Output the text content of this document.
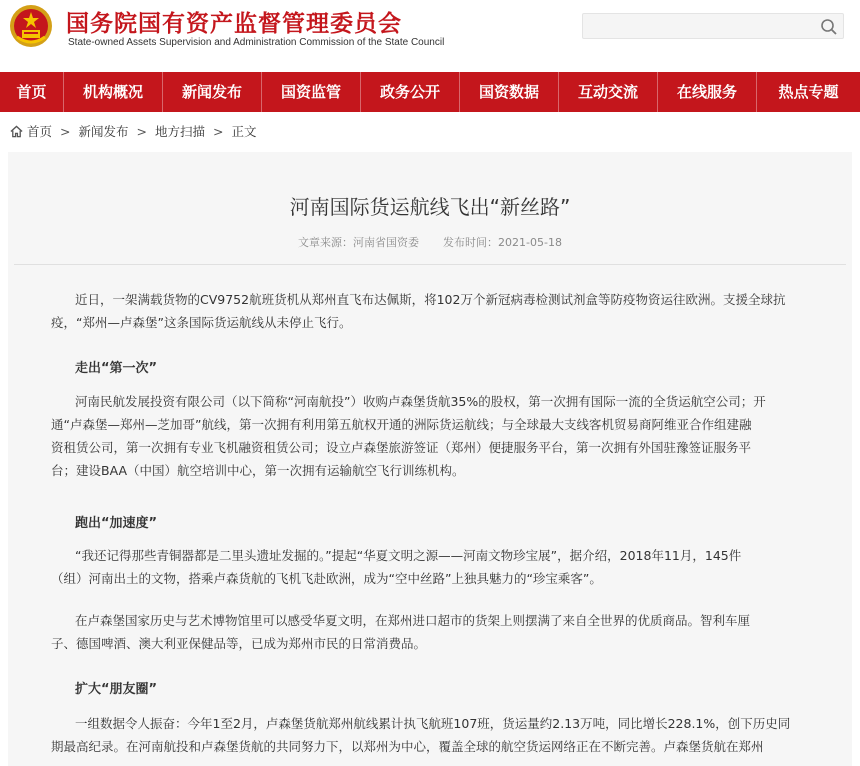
国务院国有资产监督管理委员会
State-owned Assets Supervision and Administration Commission of the State Council
首页	机构概况	新闻发布	国资监管	政务公开	国资数据	互动交流	在线服务	热点专题
首页 > 新闻发布 > 地方扫描 > 正文
河南国际货运航线飞出“新丝路”
文章来源：河南省国资委 发布时间：2021-05-18
近日，一架满载货物的CV9752航班货机从郑州直飞布达佩斯，将102万个新冠病毒检测试剂盒等防疫物资运往欧洲。支援全球抗
疫，“郑州—卢森堡”这条国际货运航线从未停止飞行。
走出“第一次”
河南民航发展投资有限公司（以下简称“河南航投”）收购卢森堡货航35%的股权，第一次拥有国际一流的全货运航空公司；开
通“卢森堡—郑州—芝加哥”航线，第一次拥有利用第五航权开通的洲际货运航线；与全球最大支线客机贸易商阿维亚合作组建融
资租赁公司，第一次拥有专业飞机融资租赁公司；设立卢森堡旅游签证（郑州）便捷服务平台，第一次拥有外国驻豫签证服务平
台；建设BAA（中国）航空培训中心，第一次拥有运输航空飞行训练机构。
跑出“加速度”
“我还记得那些青铜器都是二里头遗址发掘的。”提起“华夏文明之源——河南文物珍宝展”，据介绍，2018年11月，145件
（组）河南出土的文物，搭乘卢森货航的飞机飞赴欧洲，成为“空中丝路”上独具魅力的“珍宝乘客”。
在卢森堡国家历史与艺术博物馆里可以感受华夏文明，在郑州进口超市的货架上则摆满了来自全世界的优质商品。智利车厘
子、德国啤酒、澳大利亚保健品等，已成为郑州市民的日常消费品。
扩大“朋友圈”
一组数据令人振奋：今年1至2月，卢森堡货航郑州航线累计执飞航班107班，货运量约2.13万吨，同比增长228.1%，创下历史同
期最高纪录。在河南航投和卢森堡货航的共同努力下，以郑州为中心，覆盖全球的航空货运网络正在不断完善。卢森堡货航在郑州
